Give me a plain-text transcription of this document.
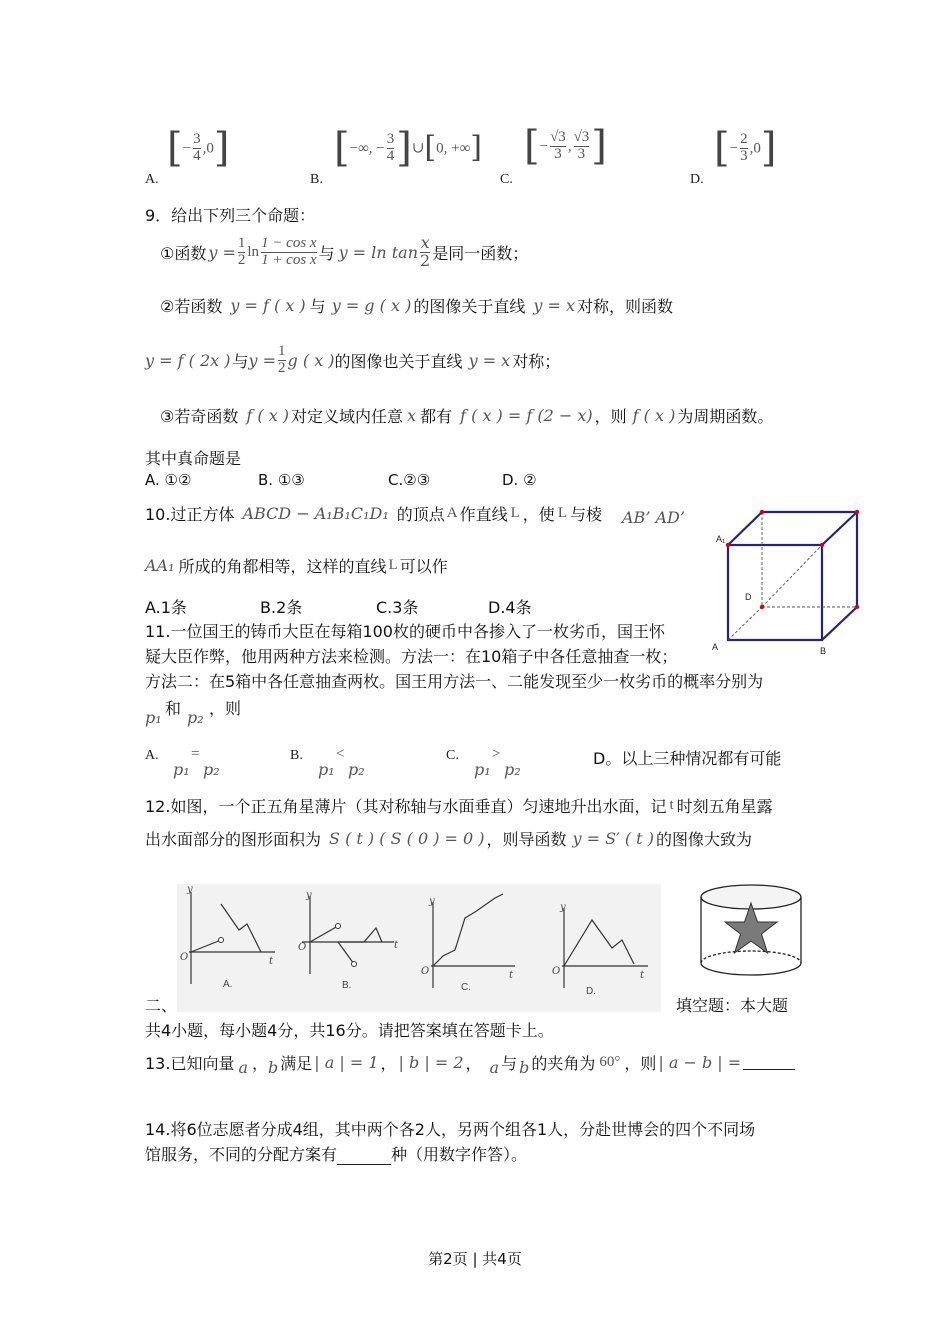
A.
[− $\frac{3}{4} ,0$]
B.
[−∞, − $\frac{3}{4}$ ]∪[0, +∞]
C.
[− $\frac{√3}{3}$ , $\frac{√3}{3}$ ]
D.
[− $\frac{2}{3} ,0$]
9．给出下列三个命题：
①函数 $y = \frac{1}{2}$ $\ln \frac{\text{1 − cos x}}{\text{1 + cos x}}$ 与 $y = \ln \tan \frac{x}{2}$ 是同一函数；
②若函数 y = f ( x ) 与 y = g ( x ) 的图像关于直线 y = x 对称，则函数
y = f ( 2x ) 与 $y = \frac{1}{2}$ g ( x ) 的图像也关于直线 y = x 对称；
③若奇函数 f ( x ) 对定义域内任意 x 都有 f ( x ) = f (2 − x) ，则 f ( x ) 为周期函数。
其中真命题是
A. ①②	B. ①③	C.②③	D. ②
10.过正方体 ABCD − A₁B₁C₁D₁ 的顶点 A 作直线 L ，使 L 与棱 AB’ AD’
AA₁ 所成的角都相等，这样的直线 L 可以作
A.1条	B.2条	C.3条	D.4条
A₁
D
A	B
11.一位国王的铸币大臣在每箱100枚的硬币中各掺入了一枚劣币，国王怀
疑大臣作弊，他用两种方法来检测。方法一：在10箱子中各任意抽查一枚；
方法二：在5箱中各任意抽查两枚。国王用方法一、二能发现至少一枚劣币的概率分别为
p₁ 和 p₂ ，则
A.
p₁
=
p₂
B.
p₁
<
p₂
C.
p₁
>
p₂
D。以上三种情况都有可能
12.如图，一个正五角星薄片（其对称轴与水面垂直）匀速地升出水面，记 t 时刻五角星露
出水面部分的图形面积为 S ( t ) ( S ( 0 ) = 0 ) ，则导函数 y = S′ ( t ) 的图像大致为
y
O	t
A.
y
O	t
B.
y
O	t
C.
y
O	t
D.
二、	填空题：本大题
共4小题，每小题4分，共16分。请把答案填在答题卡上。
13.已知向量 a ， b 满足 | a | = 1 ， | b | = 2 ， a 与 b 的夹角为 60° ，则 | a − b | =
14.将6位志愿者分成4组，其中两个各2人，另两个组各1人，分赴世博会的四个不同场
馆服务，不同的分配方案有	种（用数字作答）。
第2页 | 共4页
